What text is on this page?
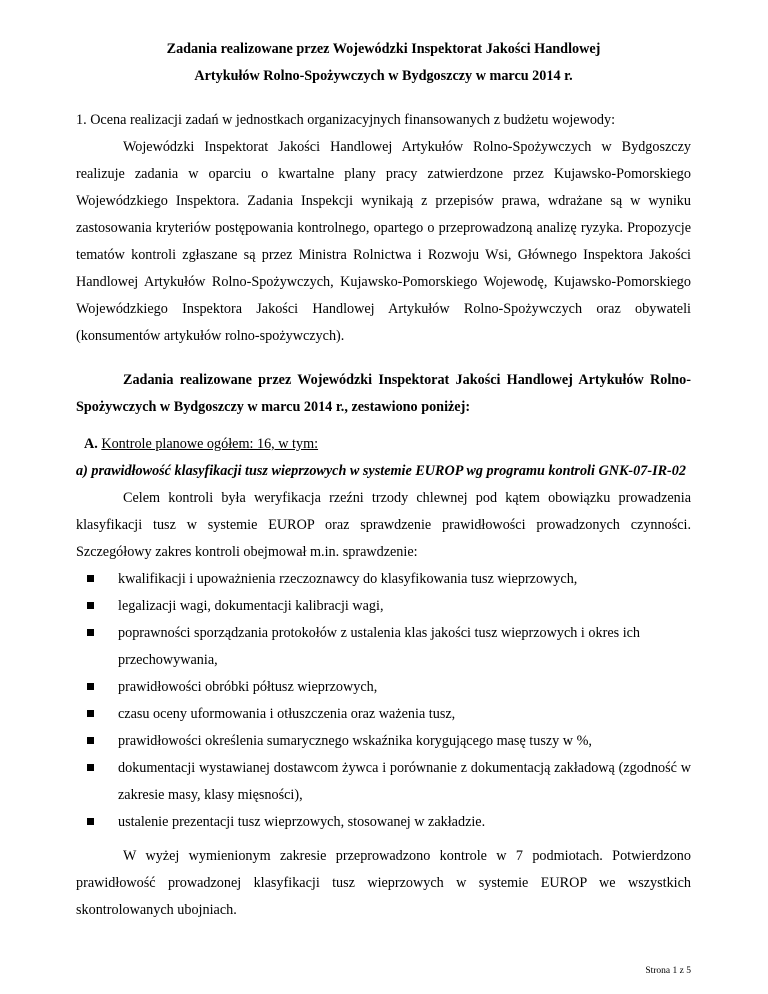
Zadania realizowane przez Wojewódzki Inspektorat Jakości Handlowej

Artykułów Rolno-Spożywczych w Bydgoszczy w marcu 2014 r.

1. Ocena realizacji zadań w jednostkach organizacyjnych finansowanych z budżetu wojewody:

Wojewódzki Inspektorat Jakości Handlowej Artykułów Rolno-Spożywczych w Bydgoszczy realizuje zadania w oparciu o kwartalne plany pracy zatwierdzone przez Kujawsko-Pomorskiego Wojewódzkiego Inspektora. Zadania Inspekcji wynikają z przepisów prawa, wdrażane są w wyniku zastosowania kryteriów postępowania kontrolnego, opartego o przeprowadzoną analizę ryzyka. Propozycje tematów kontroli zgłaszane są przez Ministra Rolnictwa i Rozwoju Wsi, Głównego Inspektora Jakości Handlowej Artykułów Rolno-Spożywczych, Kujawsko-Pomorskiego Wojewodę, Kujawsko-Pomorskiego Wojewódzkiego Inspektora Jakości Handlowej Artykułów Rolno-Spożywczych oraz obywateli (konsumentów artykułów rolno-spożywczych).

Zadania realizowane przez Wojewódzki Inspektorat Jakości Handlowej Artykułów Rolno-Spożywczych w Bydgoszczy w marcu 2014 r., zestawiono poniżej:

A. Kontrole planowe ogółem: 16, w tym:

a) prawidłowość klasyfikacji tusz wieprzowych w systemie EUROP wg programu kontroli GNK-07-IR-02

Celem kontroli była weryfikacja rzeźni trzody chlewnej pod kątem obowiązku prowadzenia klasyfikacji tusz w systemie EUROP oraz sprawdzenie prawidłowości prowadzonych czynności. Szczegółowy zakres kontroli obejmował m.in. sprawdzenie:

kwalifikacji i upoważnienia rzeczoznawcy do klasyfikowania tusz wieprzowych,
legalizacji wagi, dokumentacji kalibracji wagi,
poprawności sporządzania protokołów z ustalenia klas jakości tusz wieprzowych i okres ich przechowywania,
prawidłowości obróbki półtusz wieprzowych,
czasu oceny uformowania i otłuszczenia oraz ważenia tusz,
prawidłowości określenia sumarycznego wskaźnika korygującego masę tuszy w %,
dokumentacji wystawianej dostawcom żywca i porównanie z dokumentacją zakładową (zgodność w zakresie masy, klasy mięsności),
ustalenie prezentacji tusz wieprzowych, stosowanej w zakładzie.

W wyżej wymienionym zakresie przeprowadzono kontrole w 7 podmiotach. Potwierdzono prawidłowość prowadzonej klasyfikacji tusz wieprzowych w systemie EUROP we wszystkich skontrolowanych ubojniach.

Strona 1 z 5
